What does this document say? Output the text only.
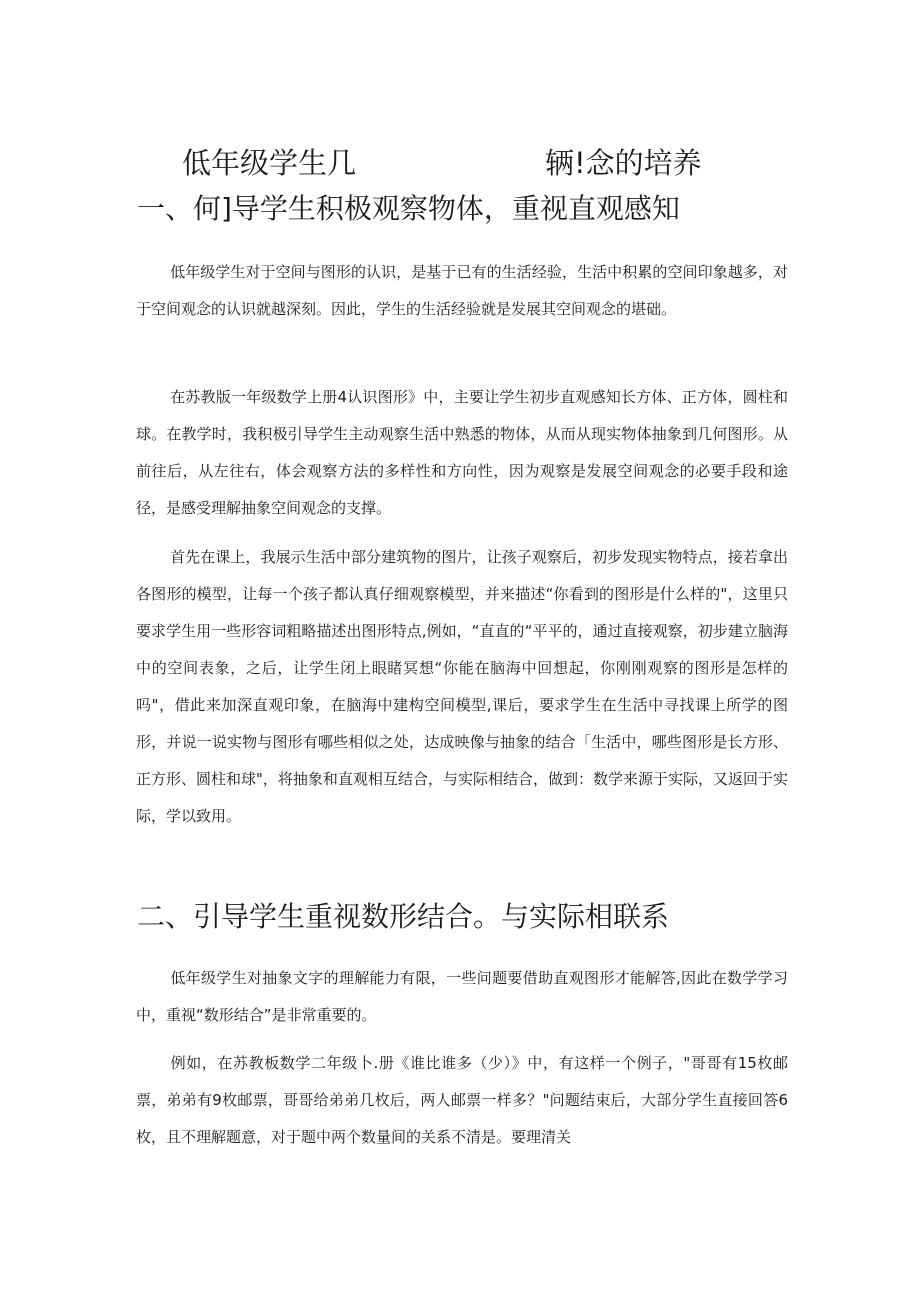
低年级学生几	辆!念的培养
一、何]导学生积极观察物体，重视直观感知

低年级学生对于空间与图形的认识，是基于已有的生活经验，生活中积累的空间印象越多，对于空间观念的认识就越深刻。因此，学生的生活经验就是发展其空间观念的堪础。

在苏教版一年级数学上册4认识图形》中，主要让学生初步直观感知长方体、正方体，圆柱和球。在教学时，我积极引导学生主动观察生活中熟悉的物体，从而从现实物体抽象到几何图形。从前往后，从左往右，体会观察方法的多样性和方向性，因为观察是发展空间观念的必要手段和途径，是感受理解抽象空间观念的支撑。

首先在课上，我展示生活中部分建筑物的图片，让孩子观察后，初步发现实物特点，接若拿出各图形的模型，让每一个孩子都认真仔细观察模型，并来描述“你看到的图形是什么样的"，这里只要求学生用一些形容词粗略描述出图形特点,例如，“直直的“平平的，通过直接观察，初步建立脑海中的空间表象，之后，让学生闭上眼睹冥想“你能在脑海中回想起，你刚刚观察的图形是怎样的吗"，借此来加深直观印象，在脑海中建构空间模型,课后，要求学生在生活中寻找课上所学的图形，并说一说实物与图形有哪些相似之处，达成映像与抽象的结合「生活中，哪些图形是长方形、正方形、圆柱和球"，将抽象和直观相互结合，与实际相结合，做到：数学来源于实际，又返回于实际，学以致用。

二、引导学生重视数形结合。与实际相联系

低年级学生对抽象文字的理解能力有限，一些问题要借助直观图形才能解答,因此在数学学习中，重视“数形结合”是非常重要的。

例如，在苏教板数学二年级卜.册《谁比谁多（少）》中，有这样一个例子，"哥哥有15枚邮票，弟弟有9枚邮票，哥哥给弟弟几枚后，两人邮票一样多？"问题结束后，大部分学生直接回答6枚，且不理解题意，对于题中两个数量间的关系不清是。要理清关
